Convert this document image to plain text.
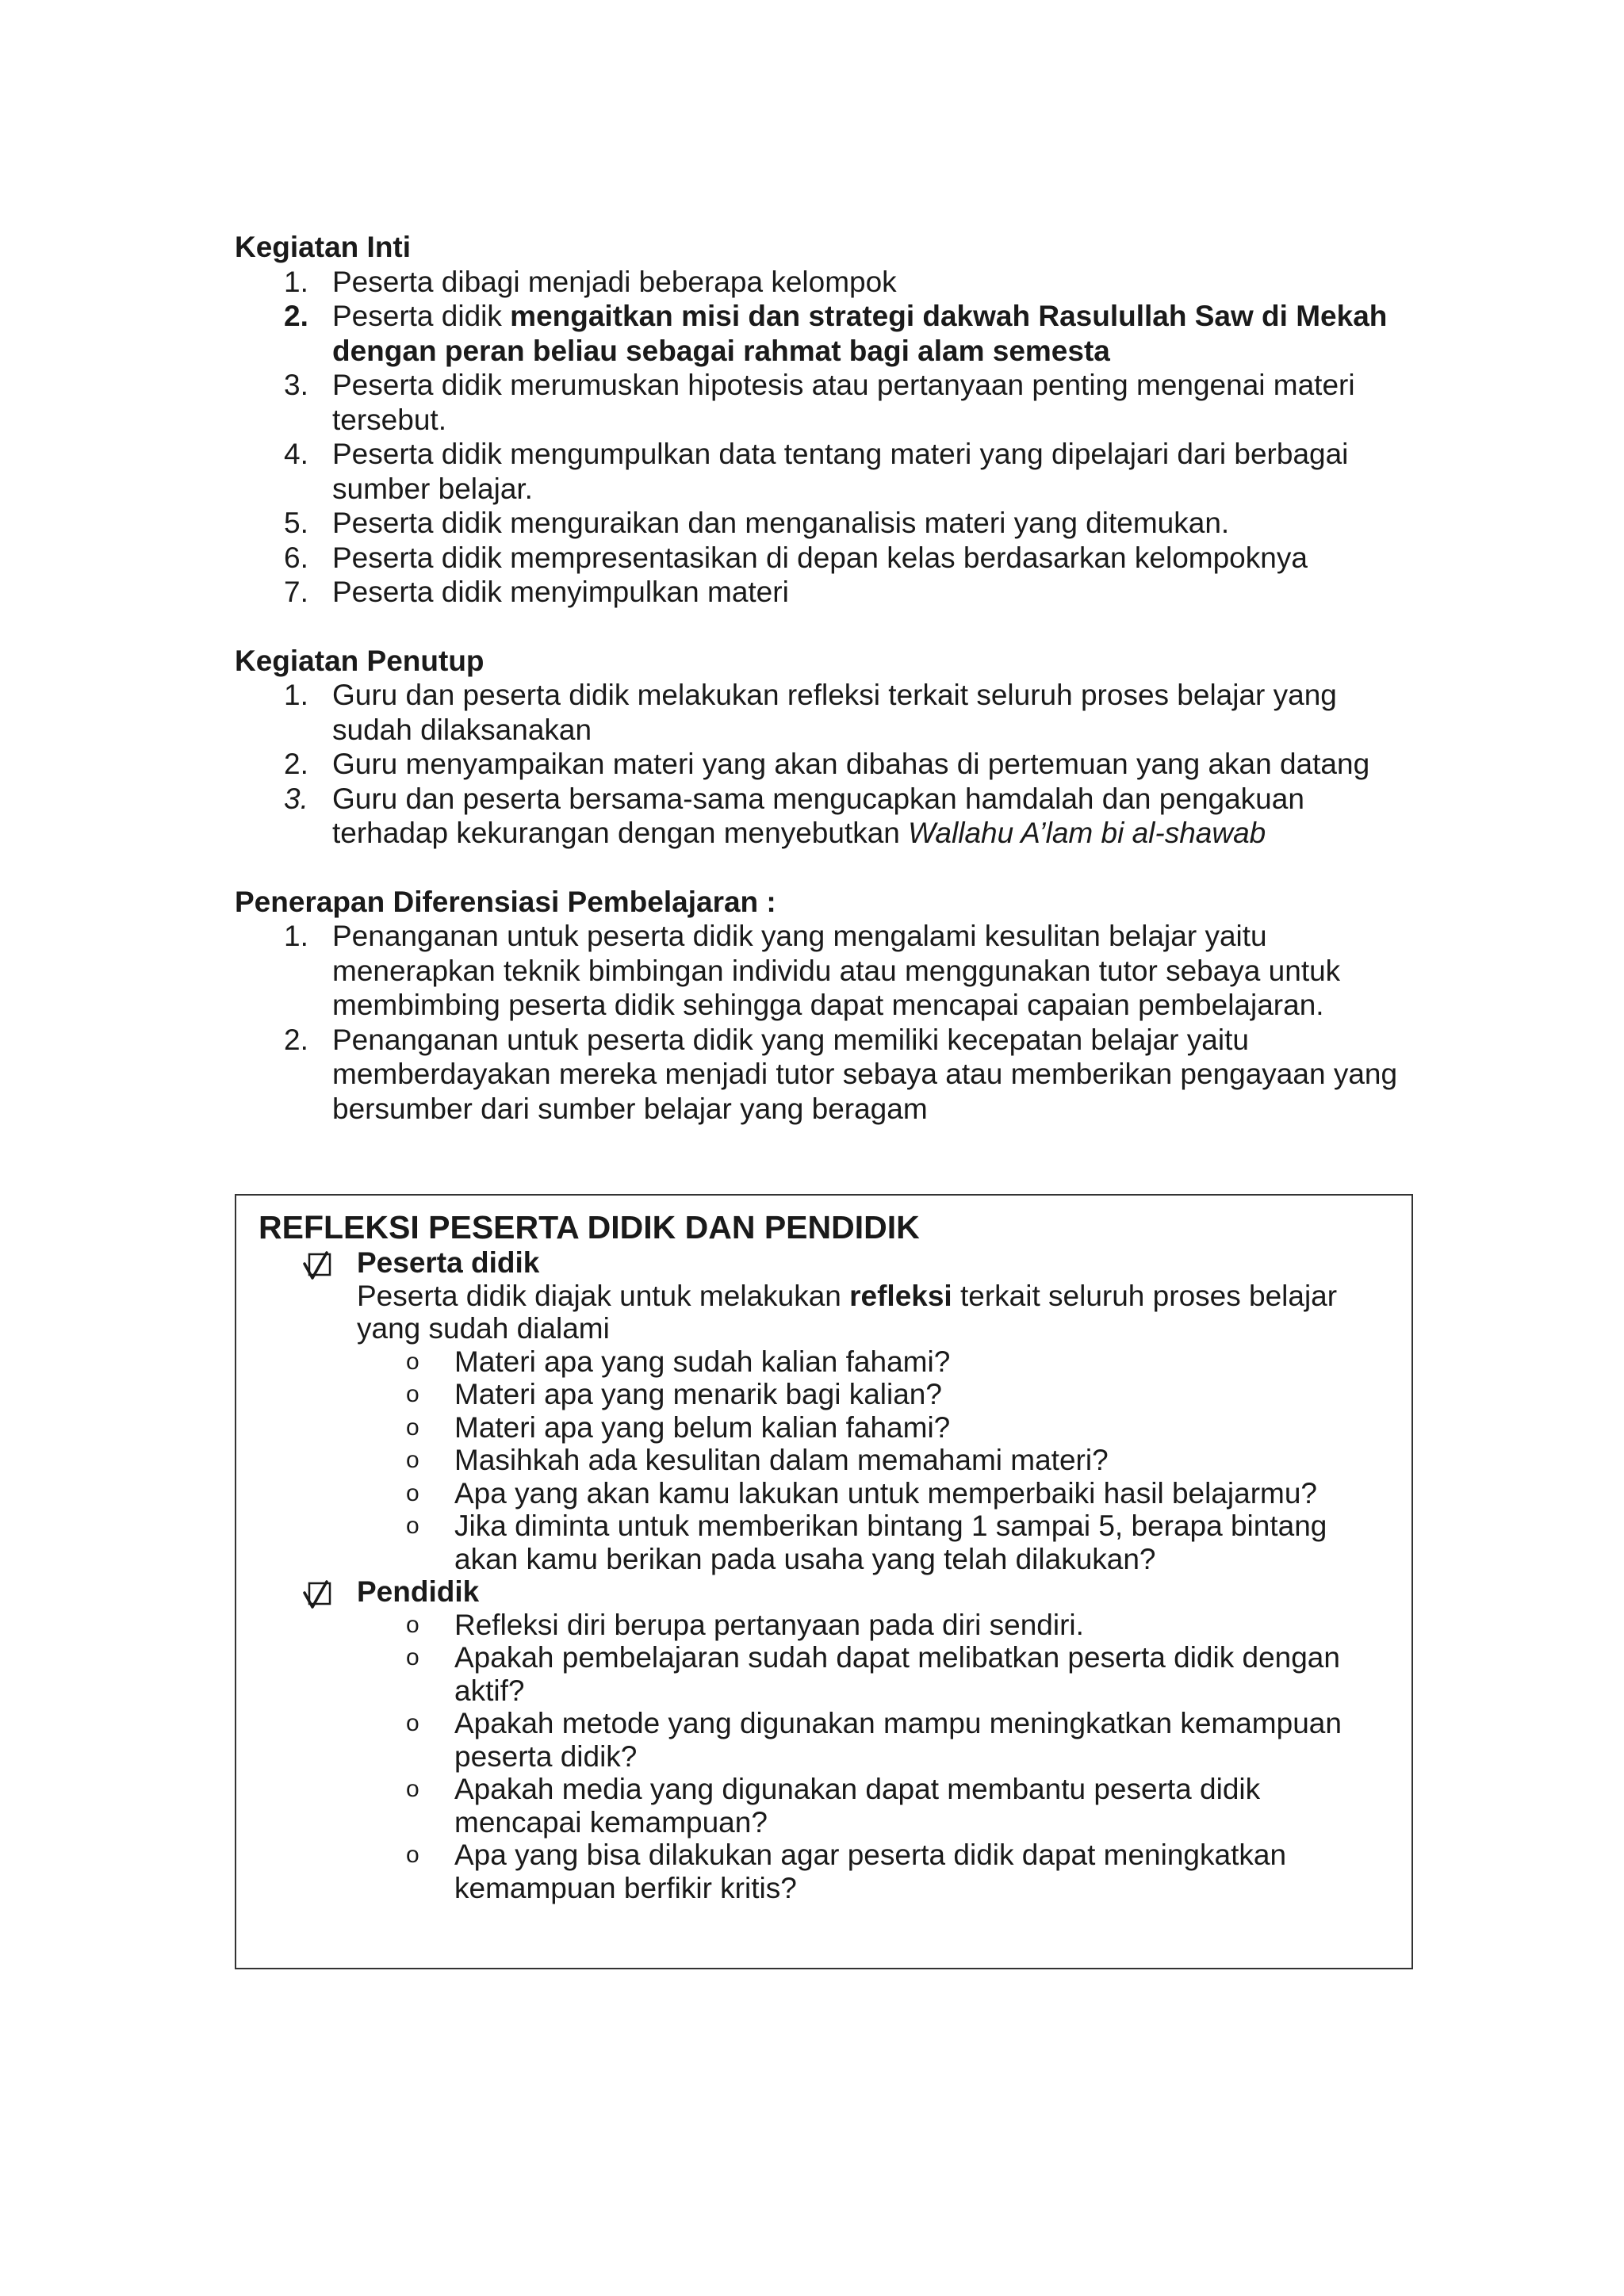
Kegiatan Inti

1. Peserta dibagi menjadi beberapa kelompok
2. Peserta didik mengaitkan misi dan strategi dakwah Rasulullah Saw di Mekah dengan peran beliau sebagai rahmat bagi alam semesta
3. Peserta didik merumuskan hipotesis atau pertanyaan penting mengenai materi tersebut.
4. Peserta didik mengumpulkan data tentang materi yang dipelajari dari berbagai sumber belajar.
5. Peserta didik menguraikan dan menganalisis materi yang ditemukan.
6. Peserta didik mempresentasikan di depan kelas berdasarkan kelompoknya
7. Peserta didik menyimpulkan materi

Kegiatan Penutup

1. Guru dan peserta didik melakukan refleksi terkait seluruh proses belajar yang sudah dilaksanakan
2. Guru menyampaikan materi yang akan dibahas di pertemuan yang akan datang
3. Guru dan peserta bersama-sama mengucapkan hamdalah dan pengakuan terhadap kekurangan dengan menyebutkan Wallahu A’lam bi al-shawab

Penerapan Diferensiasi Pembelajaran :

1. Penanganan untuk peserta didik yang mengalami kesulitan belajar yaitu menerapkan teknik bimbingan individu atau menggunakan tutor sebaya untuk membimbing peserta didik sehingga dapat mencapai capaian pembelajaran.
2. Penanganan untuk peserta didik yang memiliki kecepatan belajar yaitu memberdayakan mereka menjadi tutor sebaya atau memberikan pengayaan yang bersumber dari sumber belajar yang beragam
REFLEKSI PESERTA DIDIK DAN PENDIDIK
Peserta didik
Peserta didik diajak untuk melakukan refleksi terkait seluruh proses belajar yang sudah dialami
o Materi apa yang sudah kalian fahami?
o Materi apa yang menarik bagi kalian?
o Materi apa yang belum kalian fahami?
o Masihkah ada kesulitan dalam memahami materi?
o Apa yang akan kamu lakukan untuk memperbaiki hasil belajarmu?
o Jika diminta untuk memberikan bintang 1 sampai 5, berapa bintang akan kamu berikan pada usaha yang telah dilakukan?
Pendidik
o Refleksi diri berupa pertanyaan pada diri sendiri.
o Apakah pembelajaran sudah dapat melibatkan peserta didik dengan aktif?
o Apakah metode yang digunakan mampu meningkatkan kemampuan peserta didik?
o Apakah media yang digunakan dapat membantu peserta didik mencapai kemampuan?
o Apa yang bisa dilakukan agar peserta didik dapat meningkatkan kemampuan berfikir kritis?
